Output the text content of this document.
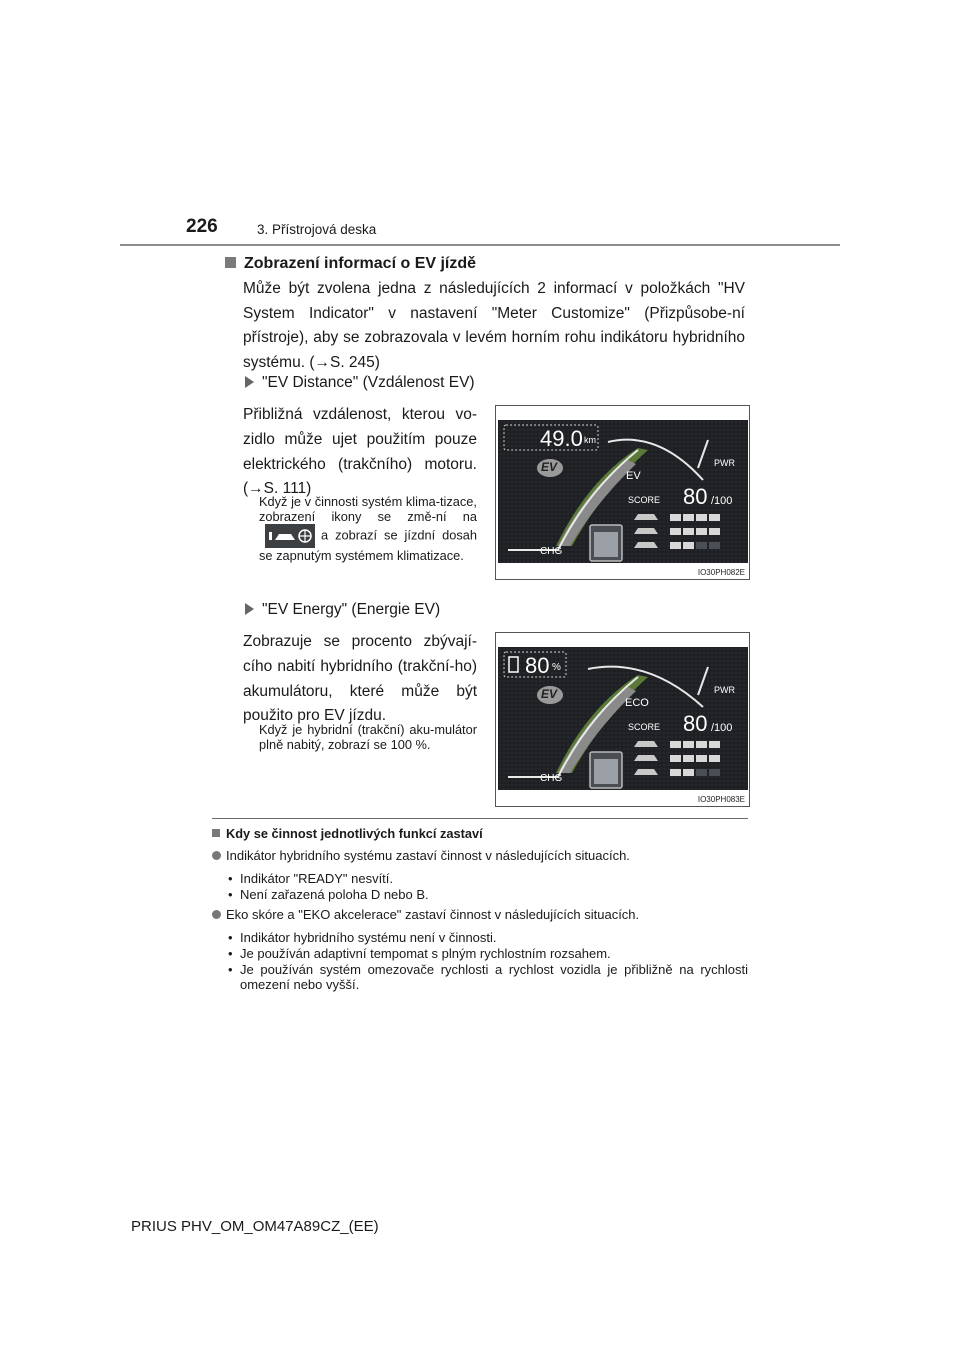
226	3. Přístrojová deska
Zobrazení informací o EV jízdě
Může být zvolena jedna z následujících 2 informací v položkách "HV System Indicator" v nastavení "Meter Customize" (Přizpůsobe-ní přístroje), aby se zobrazovala v levém horním rohu indikátoru hybridního systému. (→S. 245)
"EV Distance" (Vzdálenost EV)
Přibližná vzdálenost, kterou vo-zidlo může ujet použitím pouze elektrického (trakčního) motoru. (→S. 111)
Když je v činnosti systém klima-tizace, zobrazení ikony se změ-ní naa zobrazí se jízdní dosah se zapnutým systémem klimatizace.
49.0 km
EV
EV
PWR
SCORE 80 /100
CHG
IO30PH082E
"EV Energy" (Energie EV)
Zobrazuje se procento zbývají-cího nabití hybridního (trakční-ho) akumulátoru, které může být použito pro EV jízdu.
Když je hybridní (trakční) aku-mulátor plně nabitý, zobrazí se 100 %.
80 %
EV
ECO
PWR
SCORE 80 /100
CHG
IO30PH083E
Kdy se činnost jednotlivých funkcí zastaví
Indikátor hybridního systému zastaví činnost v následujících situacích.
• Indikátor "READY" nesvítí.
• Není zařazená poloha D nebo B.
Eko skóre a "EKO akcelerace" zastaví činnost v následujících situacích.
• Indikátor hybridního systému není v činnosti.
• Je používán adaptivní tempomat s plným rychlostním rozsahem.
• Je používán systém omezovače rychlosti a rychlost vozidla je přibližně na rychlosti omezení nebo vyšší.
PRIUS PHV_OM_OM47A89CZ_(EE)
